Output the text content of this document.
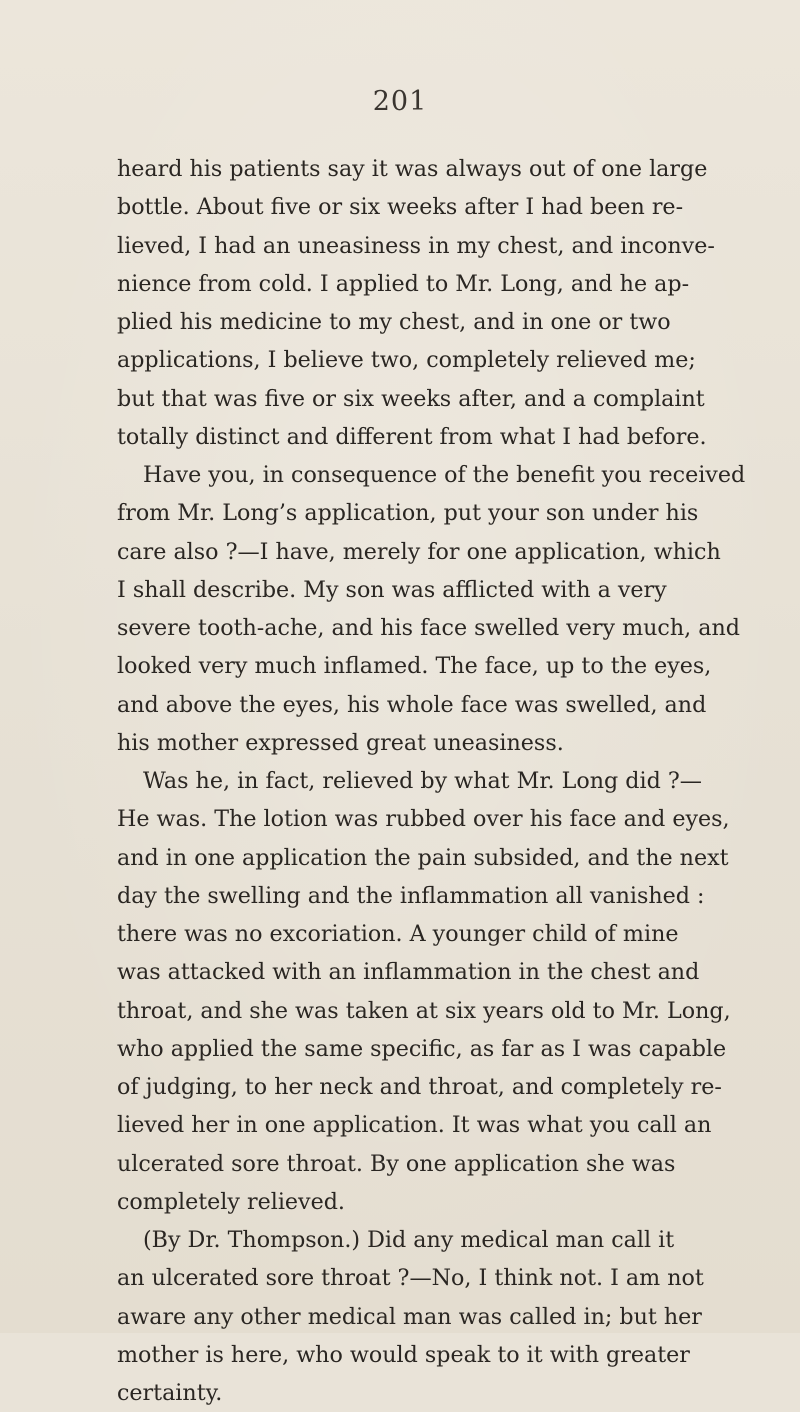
201
heard his patients say it was always out of one large
bottle. About five or six weeks after I had been re-
lieved, I had an uneasiness in my chest, and inconve-
nience from cold. I applied to Mr. Long, and he ap-
plied his medicine to my chest, and in one or two
applications, I believe two, completely relieved me;
but that was five or six weeks after, and a complaint
totally distinct and different from what I had before.
Have you, in consequence of the benefit you received
from Mr. Long’s application, put your son under his
care also ?—I have, merely for one application, which
I shall describe. My son was afflicted with a very
severe tooth-ache, and his face swelled very much, and
looked very much inflamed. The face, up to the eyes,
and above the eyes, his whole face was swelled, and
his mother expressed great uneasiness.
Was he, in fact, relieved by what Mr. Long did ?—
He was. The lotion was rubbed over his face and eyes,
and in one application the pain subsided, and the next
day the swelling and the inflammation all vanished :
there was no excoriation. A younger child of mine
was attacked with an inflammation in the chest and
throat, and she was taken at six years old to Mr. Long,
who applied the same specific, as far as I was capable
of judging, to her neck and throat, and completely re-
lieved her in one application. It was what you call an
ulcerated sore throat. By one application she was
completely relieved.
(By Dr. Thompson.) Did any medical man call it
an ulcerated sore throat ?—No, I think not. I am not
aware any other medical man was called in; but her
mother is here, who would speak to it with greater
certainty.
